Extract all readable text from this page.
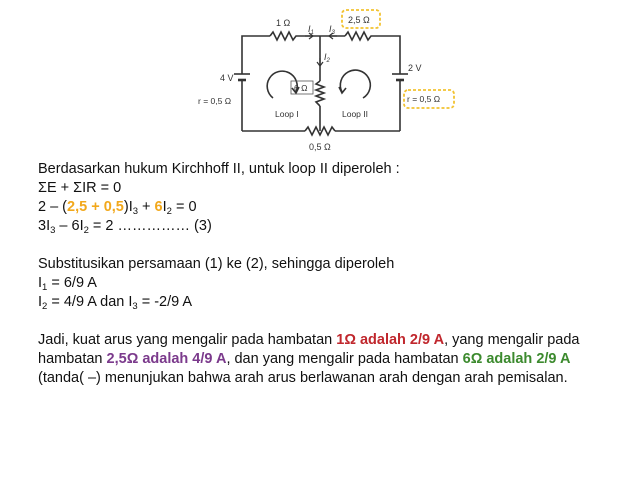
1 Ω	2,5 Ω
$I_1$ $I_3$
$I_2$
4 V
2 V
r = 0,5 Ω	r = 0,5 Ω
6 Ω
Loop I	Loop II
0,5 Ω
Berdasarkan hukum Kirchhoff II, untuk loop II diperoleh :
ΣE + ΣIR = 0
$2 - (2,5 + 0,5)I_3 + 6I_2 = 0$
$3I_3 - 6I_2 = 2$ …………… (3)
Substitusikan persamaan (1) ke (2), sehingga diperoleh
$I_1 = 6/9$ A
$I_2 = 4/9$ A dan $I_3 = -2/9$ A
Jadi, kuat arus yang mengalir pada hambatan 1Ω adalah 2/9 A, yang mengalir pada hambatan 2,5Ω adalah 4/9 A, dan yang mengalir pada hambatan 6Ω adalah 2/9 A (tanda( –) menunjukan bahwa arah arus berlawanan arah dengan arah pemisalan.
